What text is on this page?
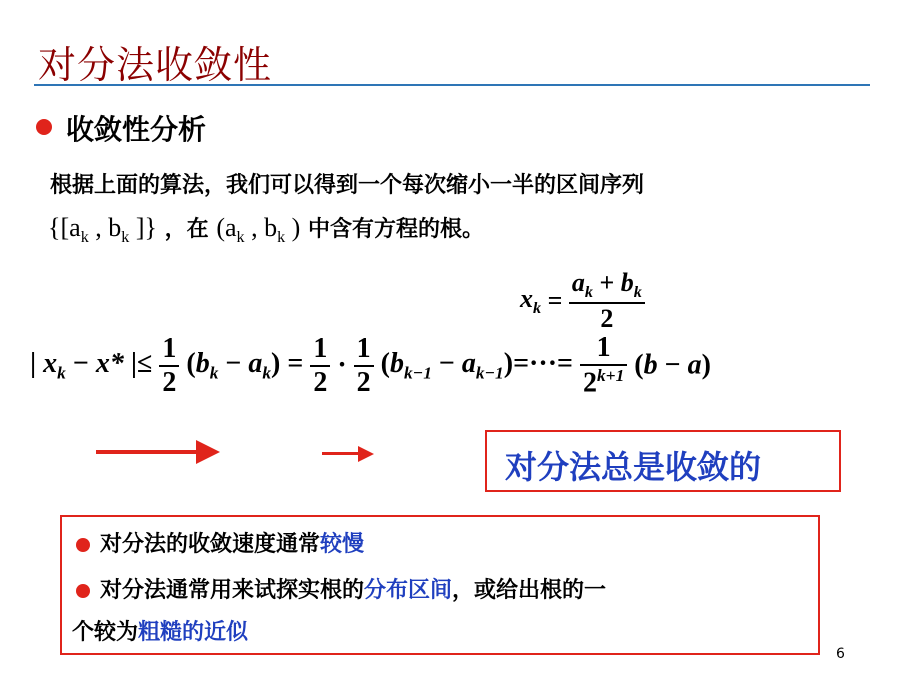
对分法收敛性
收敛性分析
根据上面的算法，我们可以得到一个每次缩小一半的区间序列
{[$a_k$ , $b_k$ ]} ，在 ($a_k$ , $b_k$ ) 中含有方程的根。
$x_k = \frac{a_k + b_k}{2}$
| $x_k - x*$ |≤ $\frac{1}{2} (b_k - a_k) = \frac{1}{2} \cdot \frac{1}{2} (b_{k-1} - a_{k-1})=\cdot\cdot\cdot= \frac{1}{2^{k+1}} (b - a)$
对分法总是收敛的
对分法的收敛速度通常较慢
对分法通常用来试探实根的分布区间，或给出根的一
个较为粗糙的近似
6
